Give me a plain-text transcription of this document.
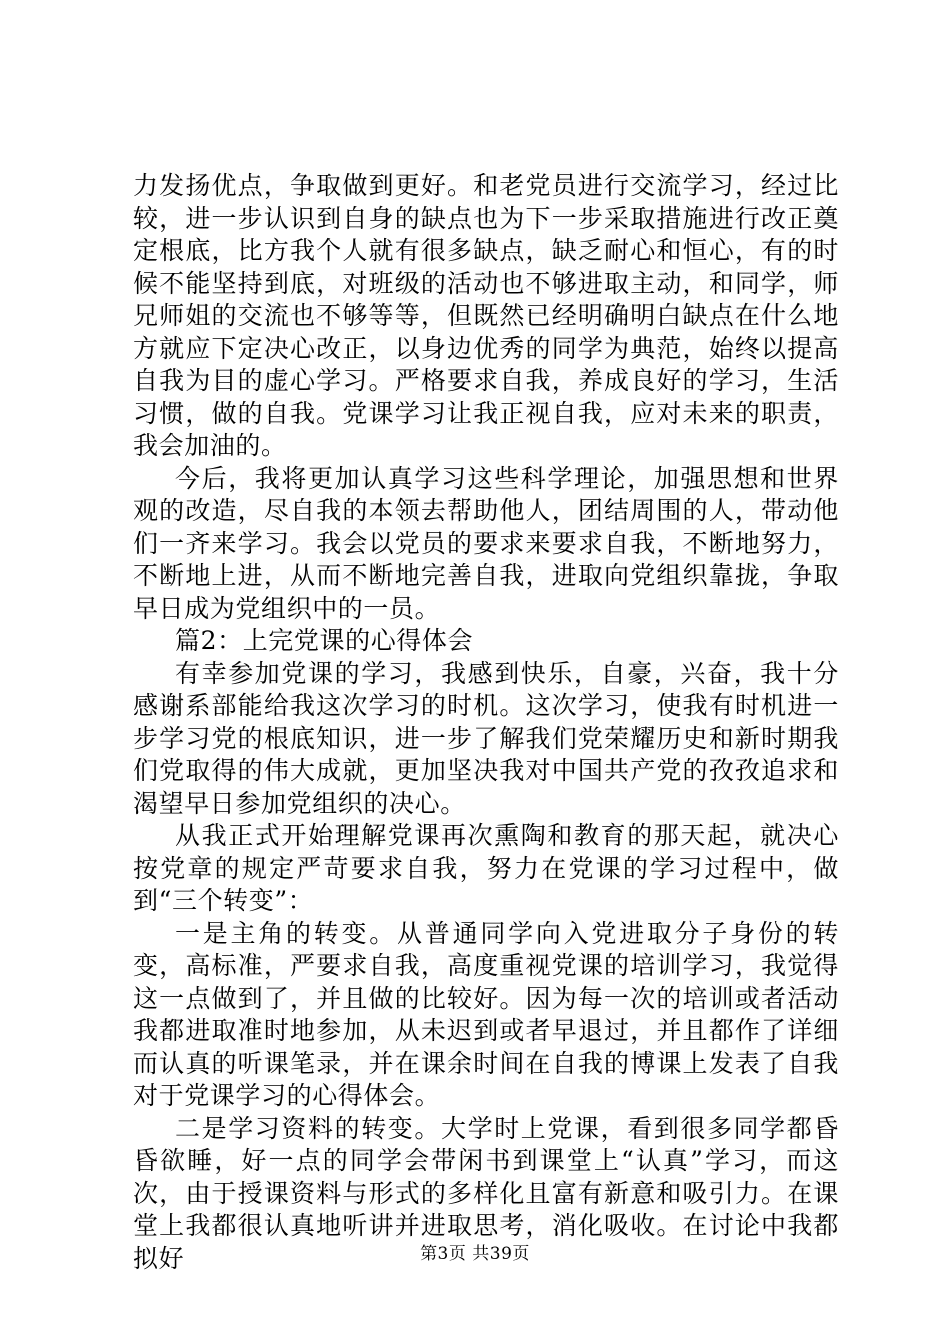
力发扬优点，争取做到更好。和老党员进行交流学习，经过比较，进一步认识到自身的缺点也为下一步采取措施进行改正奠定根底，比方我个人就有很多缺点，缺乏耐心和恒心，有的时候不能坚持到底，对班级的活动也不够进取主动，和同学，师兄师姐的交流也不够等等，但既然已经明确明白缺点在什么地方就应下定决心改正，以身边优秀的同学为典范，始终以提高自我为目的虚心学习。严格要求自我，养成良好的学习，生活习惯，做的自我。党课学习让我正视自我，应对未来的职责，我会加油的。

今后，我将更加认真学习这些科学理论，加强思想和世界观的改造，尽自我的本领去帮助他人，团结周围的人，带动他们一齐来学习。我会以党员的要求来要求自我，不断地努力，不断地上进，从而不断地完善自我，进取向党组织靠拢，争取早日成为党组织中的一员。

篇2：上完党课的心得体会

有幸参加党课的学习，我感到快乐，自豪，兴奋，我十分感谢系部能给我这次学习的时机。这次学习，使我有时机进一步学习党的根底知识，进一步了解我们党荣耀历史和新时期我们党取得的伟大成就，更加坚决我对中国共产党的孜孜追求和渴望早日参加党组织的决心。

从我正式开始理解党课再次熏陶和教育的那天起，就决心按党章的规定严苛要求自我，努力在党课的学习过程中，做到“三个转变”：

一是主角的转变。从普通同学向入党进取分子身份的转变，高标准，严要求自我，高度重视党课的培训学习，我觉得这一点做到了，并且做的比较好。因为每一次的培训或者活动我都进取准时地参加，从未迟到或者早退过，并且都作了详细而认真的听课笔录，并在课余时间在自我的博课上发表了自我对于党课学习的心得体会。

二是学习资料的转变。大学时上党课，看到很多同学都昏昏欲睡，好一点的同学会带闲书到课堂上“认真”学习，而这次，由于授课资料与形式的多样化且富有新意和吸引力。在课堂上我都很认真地听讲并进取思考，消化吸收。在讨论中我都拟好	第3页 共39页
